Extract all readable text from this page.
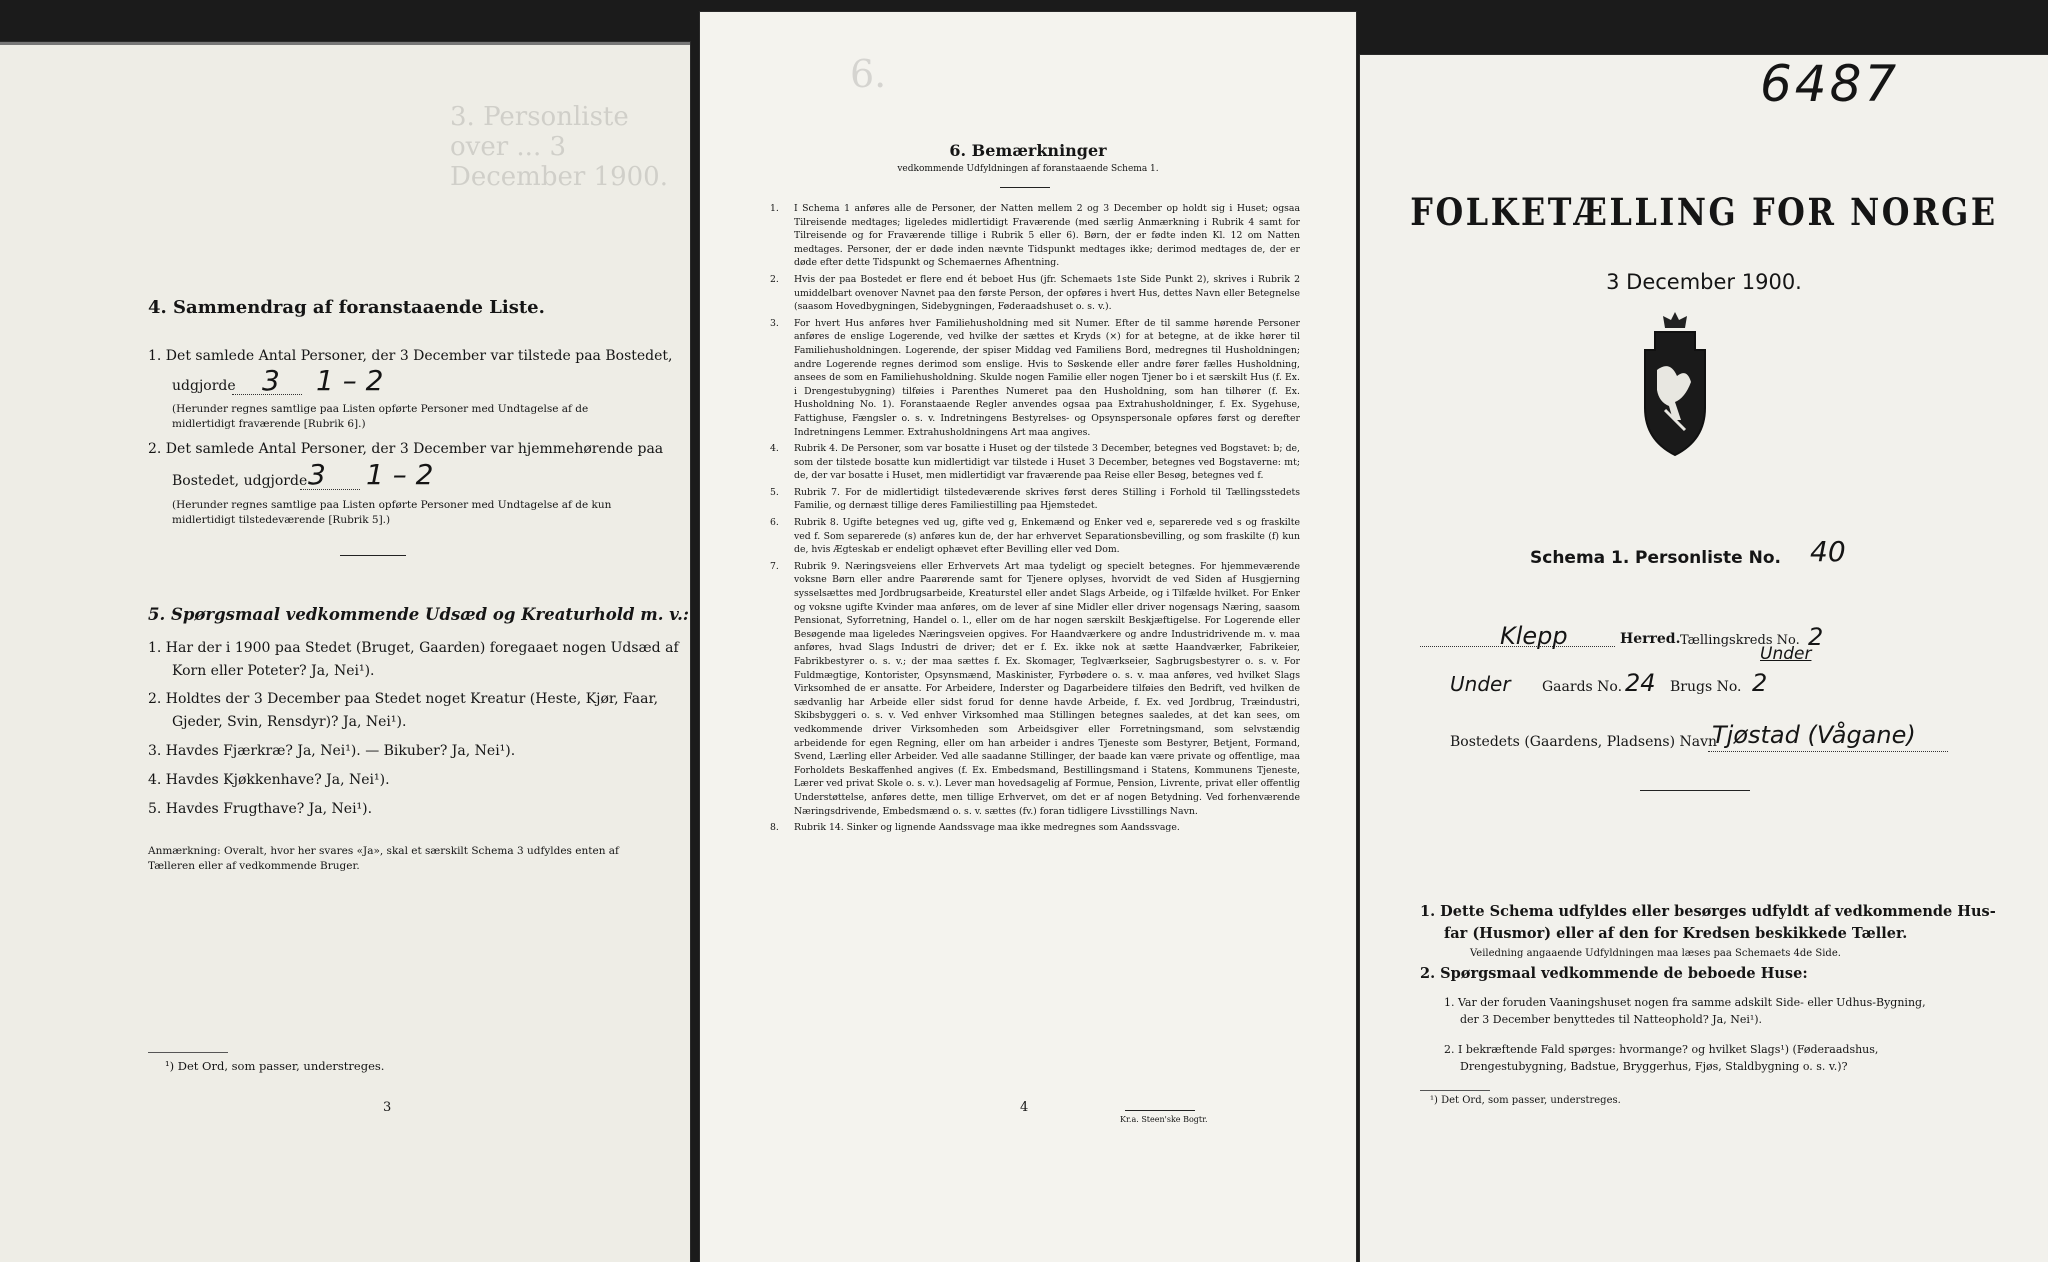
3. Personliste over ... 3 December 1900.
4. Sammendrag af foranstaaende Liste.
1. Det samlede Antal Personer, der 3 December var tilstede paa Bostedet,
udgjorde 3 1 – 2
(Herunder regnes samtlige paa Listen opførte Personer med Undtagelse af de midlertidigt fraværende [Rubrik 6].)
2. Det samlede Antal Personer, der 3 December var hjemmehørende paa
Bostedet, udgjorde 3 1 – 2
(Herunder regnes samtlige paa Listen opførte Personer med Undtagelse af de kun midlertidigt tilstedeværende [Rubrik 5].)
5. Spørgsmaal vedkommende Udsæd og Kreaturhold m. v.:
1. Har der i 1900 paa Stedet (Bruget, Gaarden) foregaaet nogen Udsæd af
Korn eller Poteter? Ja, Nei¹).
2. Holdtes der 3 December paa Stedet noget Kreatur (Heste, Kjør, Faar,
Gjeder, Svin, Rensdyr)? Ja, Nei¹).
3. Havdes Fjærkræ? Ja, Nei¹). — Bikuber? Ja, Nei¹).
4. Havdes Kjøkkenhave? Ja, Nei¹).
5. Havdes Frugthave? Ja, Nei¹).
Anmærkning: Overalt, hvor her svares «Ja», skal et særskilt Schema 3 udfyldes enten af Tælleren eller af vedkommende Bruger.
¹) Det Ord, som passer, understreges.
3
6.
6. Bemærkninger
vedkommende Udfyldningen af foranstaaende Schema 1.
1. I Schema 1 anføres alle de Personer, der Natten mellem 2 og 3 December op holdt sig i Huset; ogsaa Tilreisende medtages; ligeledes midlertidigt Fraværende (med særlig Anmærkning i Rubrik 4 samt for Tilreisende og for Fraværende tillige i Rubrik 5 eller 6). Børn, der er fødte inden Kl. 12 om Natten medtages. Personer, der er døde inden nævnte Tidspunkt medtages ikke; derimod medtages de, der er døde efter dette Tidspunkt og Schemaernes Afhentning.
2. Hvis der paa Bostedet er flere end ét beboet Hus (jfr. Schemaets 1ste Side Punkt 2), skrives i Rubrik 2 umiddelbart ovenover Navnet paa den første Person, der opføres i hvert Hus, dettes Navn eller Betegnelse (saasom Hovedbygningen, Sidebygningen, Føderaadshuset o. s. v.).
3. For hvert Hus anføres hver Familiehusholdning med sit Numer. Efter de til samme hørende Personer anføres de enslige Logerende, ved hvilke der sættes et Kryds (×) for at betegne, at de ikke hører til Familiehusholdningen. Logerende, der spiser Middag ved Familiens Bord, medregnes til Husholdningen; andre Logerende regnes derimod som enslige. Hvis to Søskende eller andre fører fælles Husholdning, ansees de som en Familiehusholdning. Skulde nogen Familie eller nogen Tjener bo i et særskilt Hus (f. Ex. i Drengestubygning) tilføies i Parenthes Numeret paa den Husholdning, som han tilhører (f. Ex. Husholdning No. 1). Foranstaaende Regler anvendes ogsaa paa Extrahusholdninger, f. Ex. Sygehuse, Fattighuse, Fængsler o. s. v. Indretningens Bestyrelses- og Opsynspersonale opføres først og derefter Indretningens Lemmer. Extrahusholdningens Art maa angives.
4. Rubrik 4. De Personer, som var bosatte i Huset og der tilstede 3 December, betegnes ved Bogstavet: b; de, som der tilstede bosatte kun midlertidigt var tilstede i Huset 3 December, betegnes ved Bogstaverne: mt; de, der var bosatte i Huset, men midlertidigt var fraværende paa Reise eller Besøg, betegnes ved f.
5. Rubrik 7. For de midlertidigt tilstedeværende skrives først deres Stilling i Forhold til Tællingsstedets Familie, og dernæst tillige deres Familiestilling paa Hjemstedet.
6. Rubrik 8. Ugifte betegnes ved ug, gifte ved g, Enkemænd og Enker ved e, separerede ved s og fraskilte ved f. Som separerede (s) anføres kun de, der har erhvervet Separationsbevilling, og som fraskilte (f) kun de, hvis Ægteskab er endeligt ophævet efter Bevilling eller ved Dom.
7. Rubrik 9. Næringsveiens eller Erhvervets Art maa tydeligt og specielt betegnes. For hjemmeværende voksne Børn eller andre Paarørende samt for Tjenere oplyses, hvorvidt de ved Siden af Husgjerning sysselsættes med Jordbrugsarbeide, Kreaturstel eller andet Slags Arbeide, og i Tilfælde hvilket. For Enker og voksne ugifte Kvinder maa anføres, om de lever af sine Midler eller driver nogensags Næring, saasom Pensionat, Syforretning, Handel o. l., eller om de har nogen særskilt Beskjæftigelse. For Logerende eller Besøgende maa ligeledes Næringsveien opgives. For Haandværkere og andre Industridrivende m. v. maa anføres, hvad Slags Industri de driver; det er f. Ex. ikke nok at sætte Haandværker, Fabrikeier, Fabrikbestyrer o. s. v.; der maa sættes f. Ex. Skomager, Teglværkseier, Sagbrugsbestyrer o. s. v. For Fuldmægtige, Kontorister, Opsynsmænd, Maskinister, Fyrbødere o. s. v. maa anføres, ved hvilket Slags Virksomhed de er ansatte. For Arbeidere, Inderster og Dagarbeidere tilføies den Bedrift, ved hvilken de sædvanlig har Arbeide eller sidst forud for denne havde Arbeide, f. Ex. ved Jordbrug, Træindustri, Skibsbyggeri o. s. v. Ved enhver Virksomhed maa Stillingen betegnes saaledes, at det kan sees, om vedkommende driver Virksomheden som Arbeidsgiver eller Forretningsmand, som selvstændig arbeidende for egen Regning, eller om han arbeider i andres Tjeneste som Bestyrer, Betjent, Formand, Svend, Lærling eller Arbeider. Ved alle saadanne Stillinger, der baade kan være private og offentlige, maa Forholdets Beskaffenhed angives (f. Ex. Embedsmand, Bestillingsmand i Statens, Kommunens Tjeneste, Lærer ved privat Skole o. s. v.). Lever man hovedsagelig af Formue, Pension, Livrente, privat eller offentlig Understøttelse, anføres dette, men tillige Erhvervet, om det er af nogen Betydning. Ved forhenværende Næringsdrivende, Embedsmænd o. s. v. sættes (fv.) foran tidligere Livsstillings Navn.
8. Rubrik 14. Sinker og lignende Aandssvage maa ikke medregnes som Aandssvage.
4
Kr.a. Steen'ske Bogtr.
6487
FOLKETÆLLING FOR NORGE
3 December 1900.
Schema 1. Personliste No. 40
Klepp	Herred. Tællingskreds No. 2
Under Gaards No. 24 Brugs No. 2
Under
Bostedets (Gaardens, Pladsens) Navn
Tjøstad (Vågane)
1. Dette Schema udfyldes eller besørges udfyldt af vedkommende Hus-
far (Husmor) eller af den for Kredsen beskikkede Tæller.
Veiledning angaaende Udfyldningen maa læses paa Schemaets 4de Side.
2. Spørgsmaal vedkommende de beboede Huse:
1. Var der foruden Vaaningshuset nogen fra samme adskilt Side- eller Udhus-Bygning,
der 3 December benyttedes til Natteophold? Ja, Nei¹).
2. I bekræftende Fald spørges: hvormange? og hvilket Slags¹) (Føderaadshus,
Drengestubygning, Badstue, Bryggerhus, Fjøs, Staldbygning o. s. v.)?
¹) Det Ord, som passer, understreges.
